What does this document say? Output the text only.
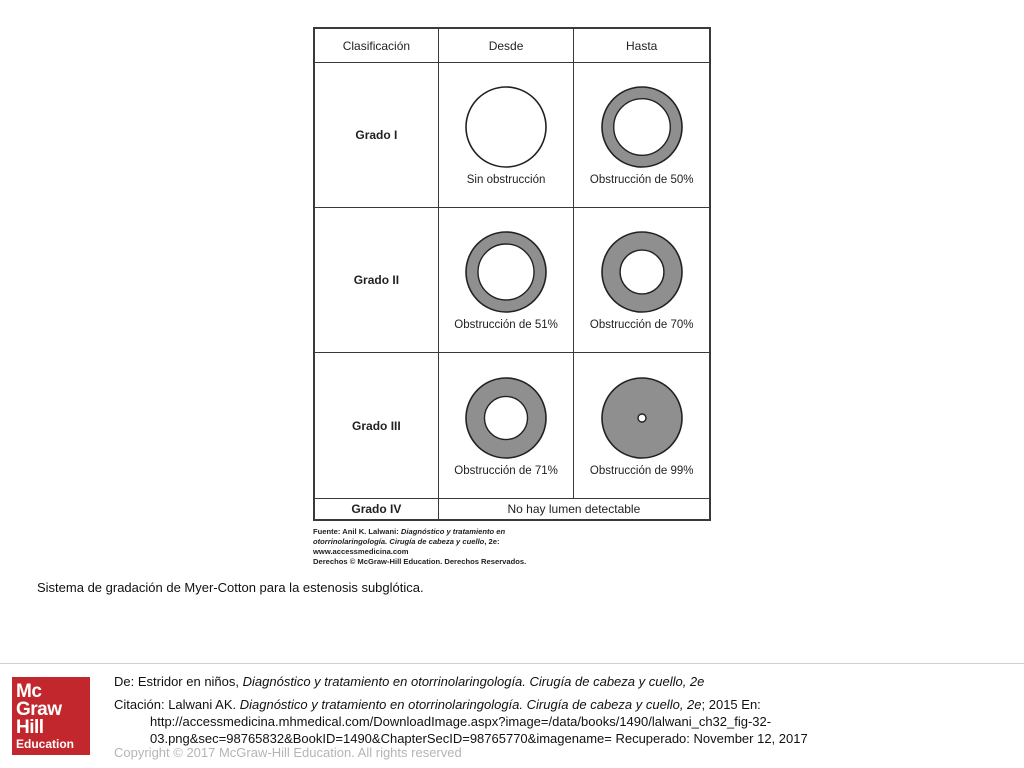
Clasificación	Desde	Hasta
Grado I	Sin obstrucción	Obstrucción de 50%

Grado II	Obstrucción de 51%	Obstrucción de 70%

Grado III	Obstrucción de 71%	Obstrucción de 99%

Grado IV	No hay lumen detectable	
Fuente: Anil K. Lalwani: Diagnóstico y tratamiento en otorrinolaringología. Cirugía de cabeza y cuello, 2e: www.accessmedicina.com
Derechos © McGraw-Hill Education. Derechos Reservados.
Sistema de gradación de Myer-Cotton para la estenosis subglótica.
Mc
Graw
Hill
Education
De: Estridor en niños, Diagnóstico y tratamiento en otorrinolaringología. Cirugía de cabeza y cuello, 2e
Citación: Lalwani AK. Diagnóstico y tratamiento en otorrinolaringología. Cirugía de cabeza y cuello, 2e; 2015 En:
http://accessmedicina.mhmedical.com/DownloadImage.aspx?image=/data/books/1490/lalwani_ch32_fig-32-
03.png&sec=98765832&BookID=1490&ChapterSecID=98765770&imagename= Recuperado: November 12, 2017
Copyright © 2017 McGraw-Hill Education. All rights reserved
